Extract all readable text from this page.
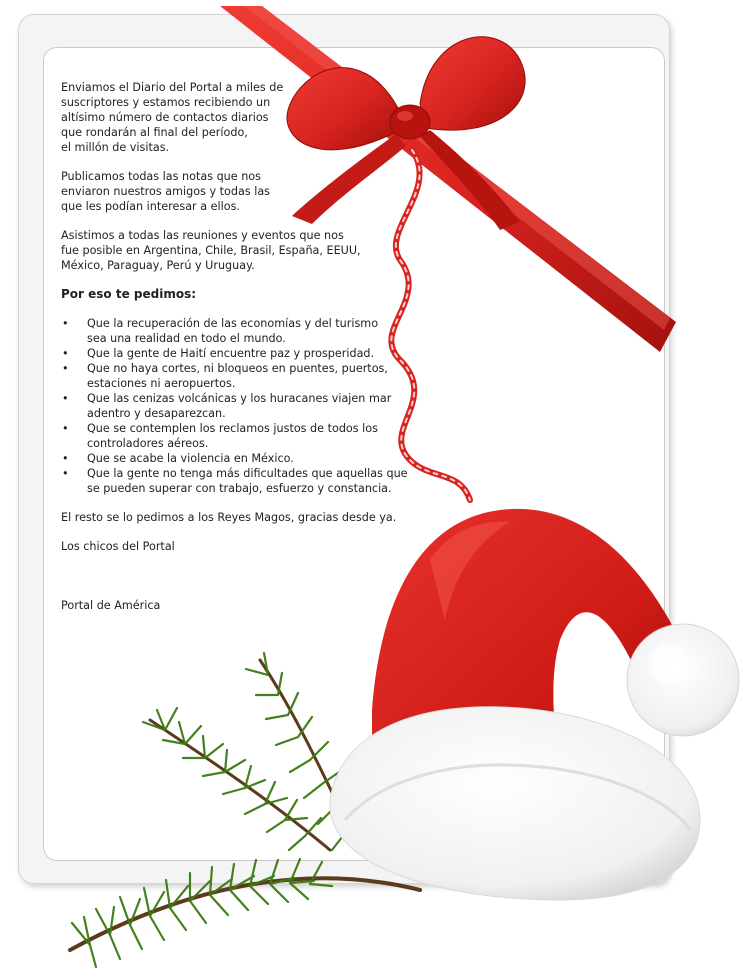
Enviamos el Diario del Portal a miles de
suscriptores y estamos recibiendo un
altísimo número de contactos diarios
que rondarán al final del período,
el millón de visitas.

Publicamos todas las notas que nos
enviaron nuestros amigos y todas las
que les podían interesar a ellos.

Asistimos a todas las reuniones y eventos que nos
fue posible en Argentina, Chile, Brasil, España, EEUU,
México, Paraguay, Perú y Uruguay.

Por eso te pedimos:
• Que la recuperación de las economías y del turismo
sea una realidad en todo el mundo.
• Que la gente de Haití encuentre paz y prosperidad.
• Que no haya cortes, ni bloqueos en puentes, puertos,
estaciones ni aeropuertos.
• Que las cenizas volcánicas y los huracanes viajen mar
adentro y desaparezcan.
• Que se contemplen los reclamos justos de todos los
controladores aéreos.
• Que se acabe la violencia en México.
• Que la gente no tenga más dificultades que aquellas que
se pueden superar con trabajo, esfuerzo y constancia.

El resto se lo pedimos a los Reyes Magos, gracias desde ya.

Los chicos del Portal

Portal de América
